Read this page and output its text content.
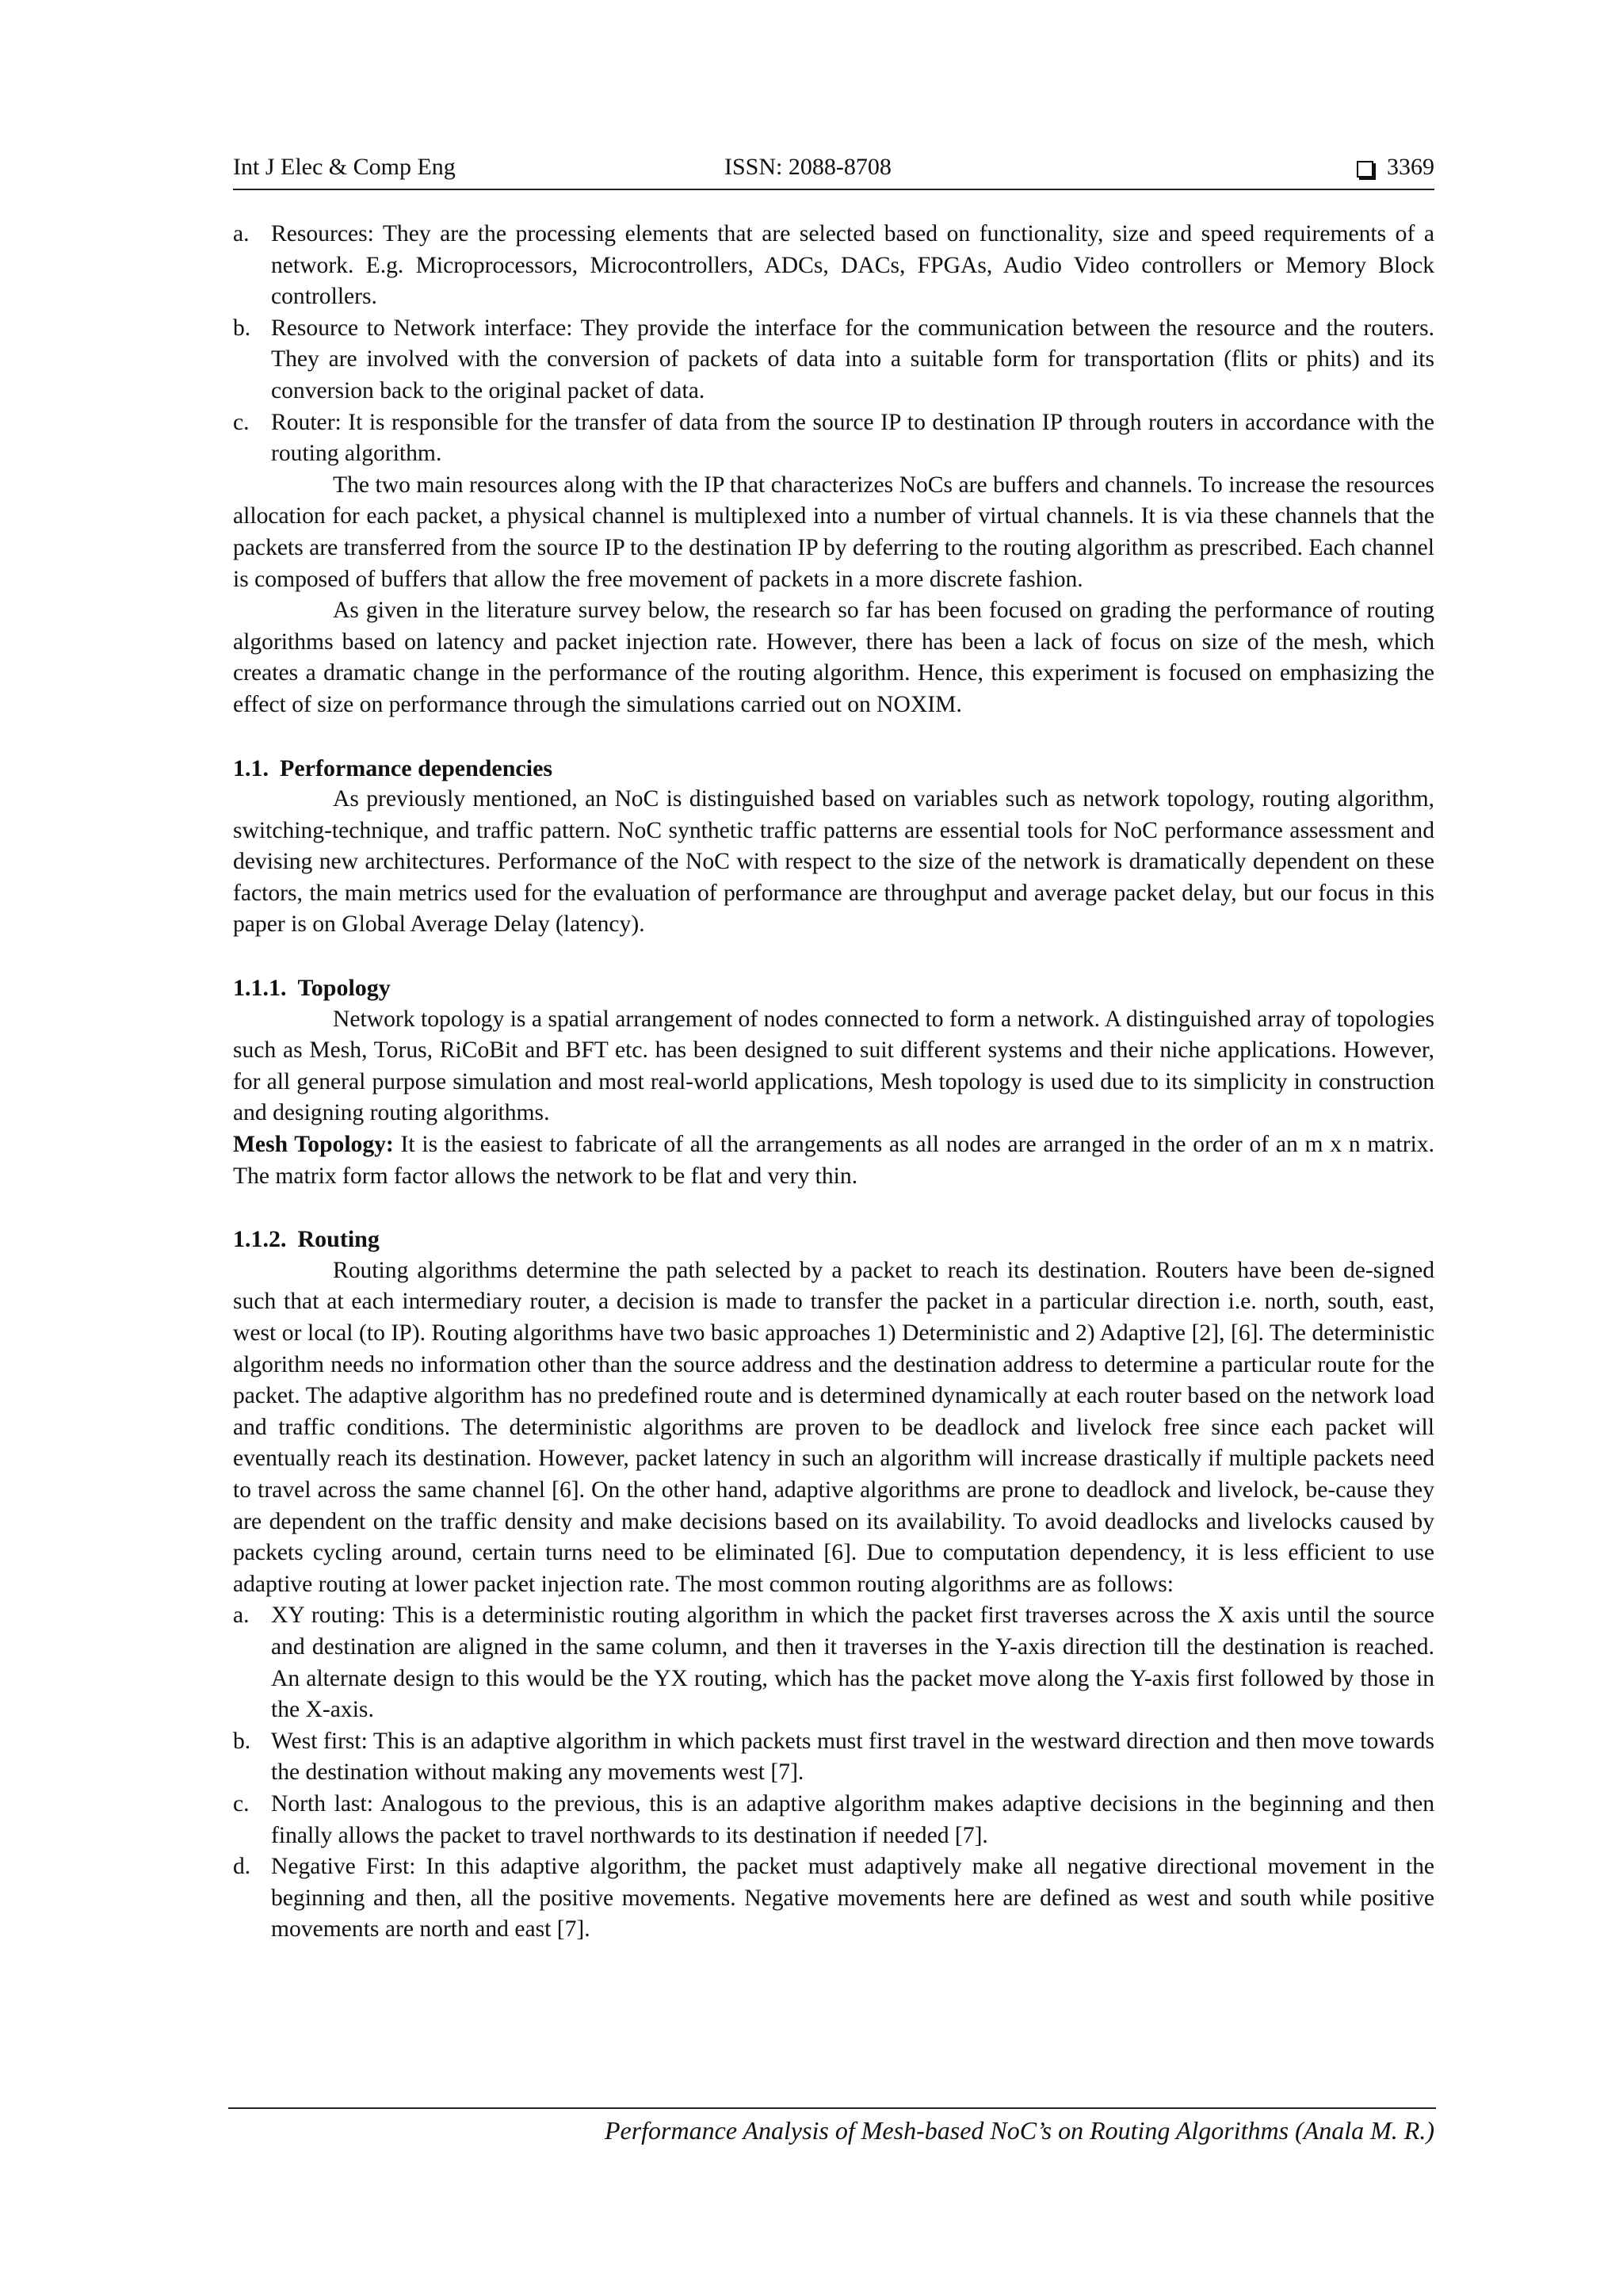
Int J Elec & Comp Eng	ISSN: 2088-8708	3369
a. Resources: They are the processing elements that are selected based on functionality, size and speed requirements of a network. E.g. Microprocessors, Microcontrollers, ADCs, DACs, FPGAs, Audio Video controllers or Memory Block controllers.
b. Resource to Network interface: They provide the interface for the communication between the resource and the routers. They are involved with the conversion of packets of data into a suitable form for transportation (flits or phits) and its conversion back to the original packet of data.
c. Router: It is responsible for the transfer of data from the source IP to destination IP through routers in accordance with the routing algorithm.

The two main resources along with the IP that characterizes NoCs are buffers and channels. To increase the resources allocation for each packet, a physical channel is multiplexed into a number of virtual channels. It is via these channels that the packets are transferred from the source IP to the destination IP by deferring to the routing algorithm as prescribed. Each channel is composed of buffers that allow the free movement of packets in a more discrete fashion.

As given in the literature survey below, the research so far has been focused on grading the performance of routing algorithms based on latency and packet injection rate. However, there has been a lack of focus on size of the mesh, which creates a dramatic change in the performance of the routing algorithm. Hence, this experiment is focused on emphasizing the effect of size on performance through the simulations carried out on NOXIM.

1.1. Performance dependencies

As previously mentioned, an NoC is distinguished based on variables such as network topology, routing algorithm, switching-technique, and traffic pattern. NoC synthetic traffic patterns are essential tools for NoC performance assessment and devising new architectures. Performance of the NoC with respect to the size of the network is dramatically dependent on these factors, the main metrics used for the evaluation of performance are throughput and average packet delay, but our focus in this paper is on Global Average Delay (latency).

1.1.1. Topology

Network topology is a spatial arrangement of nodes connected to form a network. A distinguished array of topologies such as Mesh, Torus, RiCoBit and BFT etc. has been designed to suit different systems and their niche applications. However, for all general purpose simulation and most real-world applications, Mesh topology is used due to its simplicity in construction and designing routing algorithms.

Mesh Topology: It is the easiest to fabricate of all the arrangements as all nodes are arranged in the order of an m x n matrix. The matrix form factor allows the network to be flat and very thin.

1.1.2. Routing

Routing algorithms determine the path selected by a packet to reach its destination. Routers have been de-signed such that at each intermediary router, a decision is made to transfer the packet in a particular direction i.e. north, south, east, west or local (to IP). Routing algorithms have two basic approaches 1) Deterministic and 2) Adaptive [2], [6]. The deterministic algorithm needs no information other than the source address and the destination address to determine a particular route for the packet. The adaptive algorithm has no predefined route and is determined dynamically at each router based on the network load and traffic conditions. The deterministic algorithms are proven to be deadlock and livelock free since each packet will eventually reach its destination. However, packet latency in such an algorithm will increase drastically if multiple packets need to travel across the same channel [6]. On the other hand, adaptive algorithms are prone to deadlock and livelock, be-cause they are dependent on the traffic density and make decisions based on its availability. To avoid deadlocks and livelocks caused by packets cycling around, certain turns need to be eliminated [6]. Due to computation dependency, it is less efficient to use adaptive routing at lower packet injection rate. The most common routing algorithms are as follows:

a. XY routing: This is a deterministic routing algorithm in which the packet first traverses across the X axis until the source and destination are aligned in the same column, and then it traverses in the Y-axis direction till the destination is reached. An alternate design to this would be the YX routing, which has the packet move along the Y-axis first followed by those in the X-axis.
b. West first: This is an adaptive algorithm in which packets must first travel in the westward direction and then move towards the destination without making any movements west [7].
c. North last: Analogous to the previous, this is an adaptive algorithm makes adaptive decisions in the beginning and then finally allows the packet to travel northwards to its destination if needed [7].
d. Negative First: In this adaptive algorithm, the packet must adaptively make all negative directional movement in the beginning and then, all the positive movements. Negative movements here are defined as west and south while positive movements are north and east [7].
Performance Analysis of Mesh-based NoC’s on Routing Algorithms (Anala M. R.)
